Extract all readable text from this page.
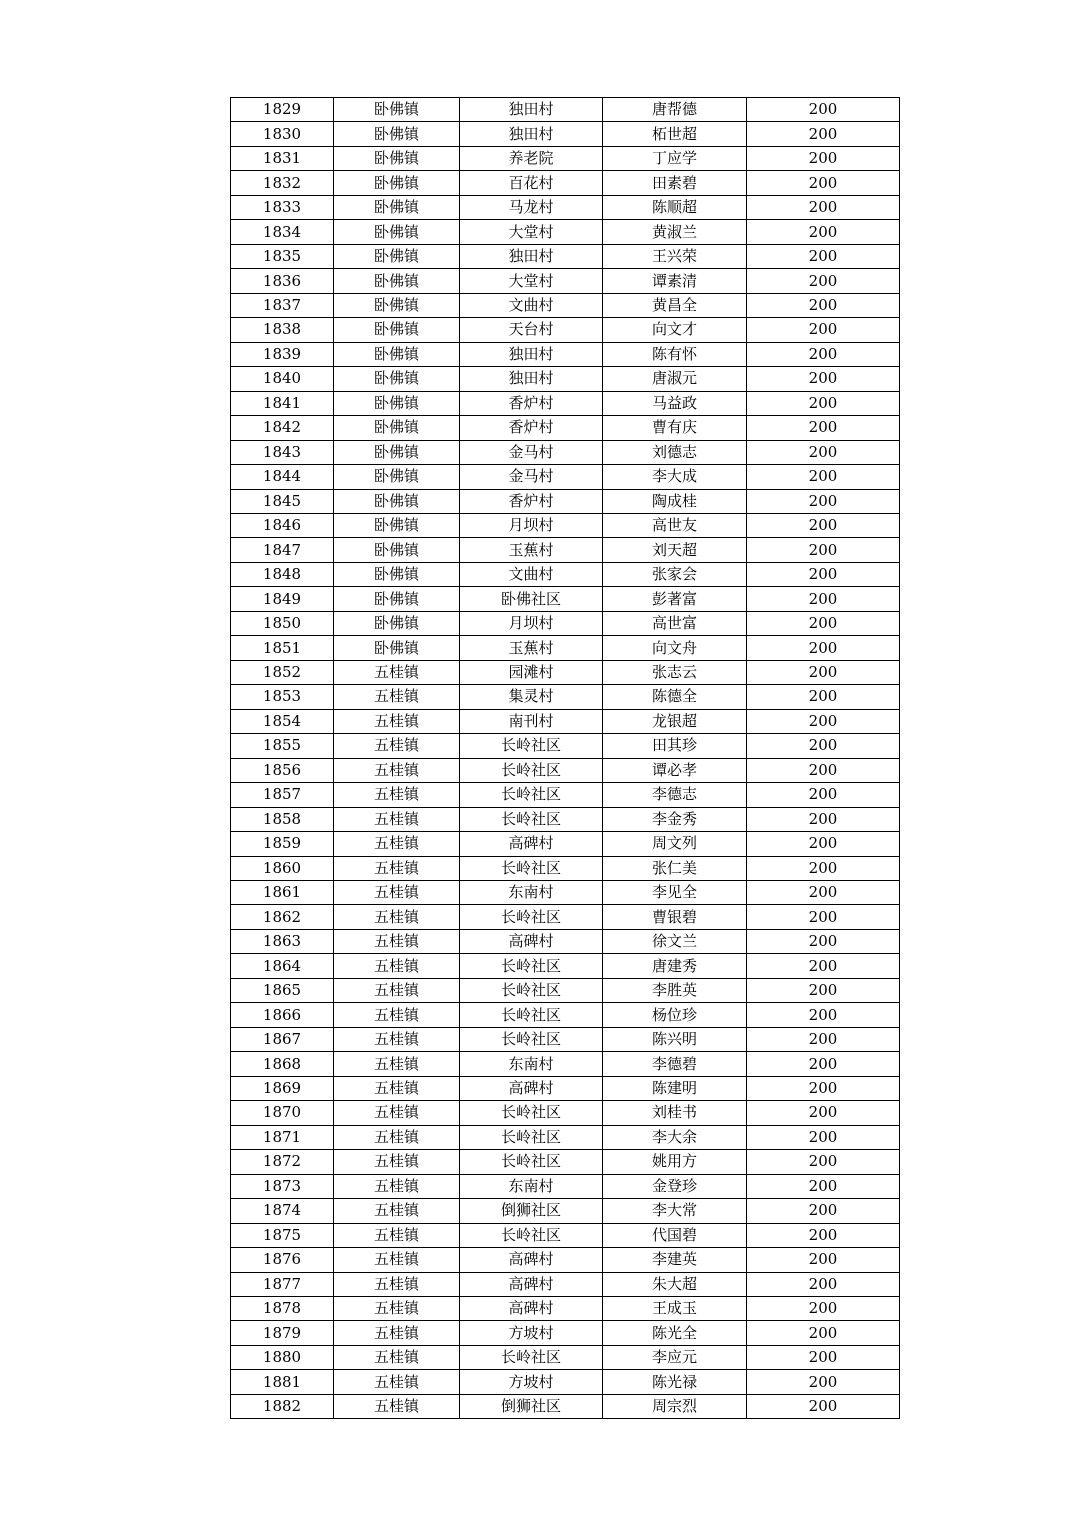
1829	卧佛镇	独田村	唐帮德	200
1830	卧佛镇	独田村	柘世超	200
1831	卧佛镇	养老院	丁应学	200
1832	卧佛镇	百花村	田素碧	200
1833	卧佛镇	马龙村	陈顺超	200
1834	卧佛镇	大堂村	黄淑兰	200
1835	卧佛镇	独田村	王兴荣	200
1836	卧佛镇	大堂村	谭素清	200
1837	卧佛镇	文曲村	黄昌全	200
1838	卧佛镇	天台村	向文才	200
1839	卧佛镇	独田村	陈有怀	200
1840	卧佛镇	独田村	唐淑元	200
1841	卧佛镇	香炉村	马益政	200
1842	卧佛镇	香炉村	曹有庆	200
1843	卧佛镇	金马村	刘德志	200
1844	卧佛镇	金马村	李大成	200
1845	卧佛镇	香炉村	陶成桂	200
1846	卧佛镇	月坝村	高世友	200
1847	卧佛镇	玉蕉村	刘天超	200
1848	卧佛镇	文曲村	张家会	200
1849	卧佛镇	卧佛社区	彭著富	200
1850	卧佛镇	月坝村	高世富	200
1851	卧佛镇	玉蕉村	向文舟	200
1852	五桂镇	园滩村	张志云	200
1853	五桂镇	集灵村	陈德全	200
1854	五桂镇	南刊村	龙银超	200
1855	五桂镇	长岭社区	田其珍	200
1856	五桂镇	长岭社区	谭必孝	200
1857	五桂镇	长岭社区	李德志	200
1858	五桂镇	长岭社区	李金秀	200
1859	五桂镇	高碑村	周文列	200
1860	五桂镇	长岭社区	张仁美	200
1861	五桂镇	东南村	李见全	200
1862	五桂镇	长岭社区	曹银碧	200
1863	五桂镇	高碑村	徐文兰	200
1864	五桂镇	长岭社区	唐建秀	200
1865	五桂镇	长岭社区	李胜英	200
1866	五桂镇	长岭社区	杨位珍	200
1867	五桂镇	长岭社区	陈兴明	200
1868	五桂镇	东南村	李德碧	200
1869	五桂镇	高碑村	陈建明	200
1870	五桂镇	长岭社区	刘桂书	200
1871	五桂镇	长岭社区	李大余	200
1872	五桂镇	长岭社区	姚用方	200
1873	五桂镇	东南村	金登珍	200
1874	五桂镇	倒狮社区	李大常	200
1875	五桂镇	长岭社区	代国碧	200
1876	五桂镇	高碑村	李建英	200
1877	五桂镇	高碑村	朱大超	200
1878	五桂镇	高碑村	王成玉	200
1879	五桂镇	方坡村	陈光全	200
1880	五桂镇	长岭社区	李应元	200
1881	五桂镇	方坡村	陈光禄	200
1882	五桂镇	倒狮社区	周宗烈	200
